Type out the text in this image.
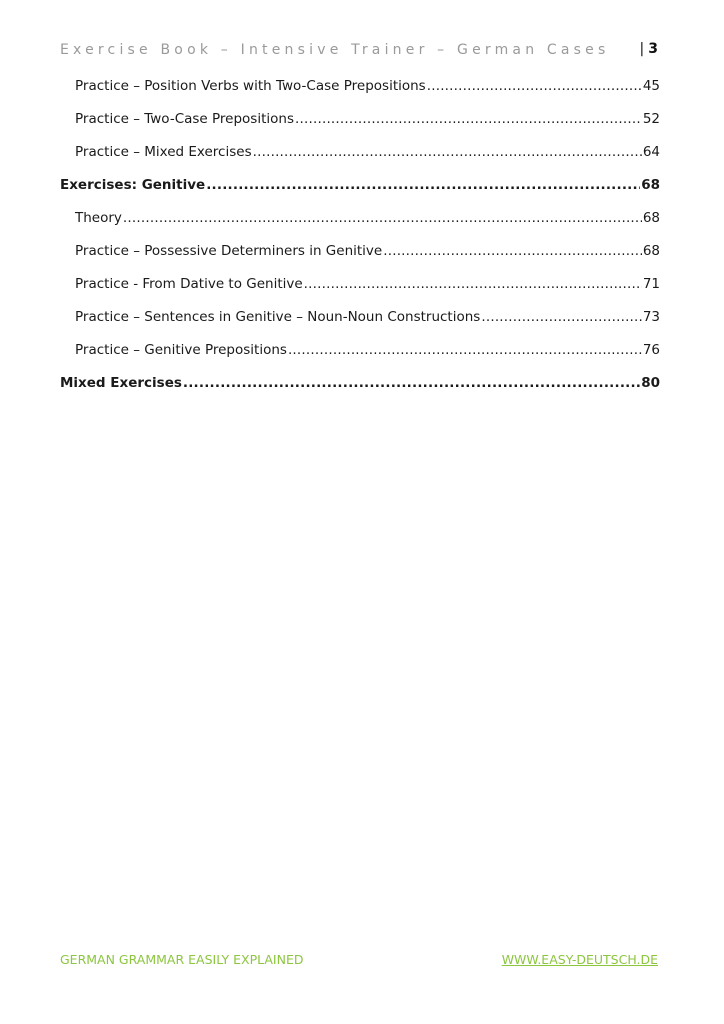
Exercise Book – Intensive Trainer – German Cases | 3
Practice – Position Verbs with Two-Case Prepositions .....	45
Practice – Two-Case Prepositions .....	52
Practice – Mixed Exercises .....	64
Exercises: Genitive .....	68
Theory .....	68
Practice – Possessive Determiners in Genitive .....	68
Practice - From Dative to Genitive .....	71
Practice – Sentences in Genitive – Noun-Noun Constructions .....	73
Practice – Genitive Prepositions .....	76
Mixed Exercises .....	80
GERMAN GRAMMAR EASILY EXPLAINED	WWW.EASY-DEUTSCH.DE
